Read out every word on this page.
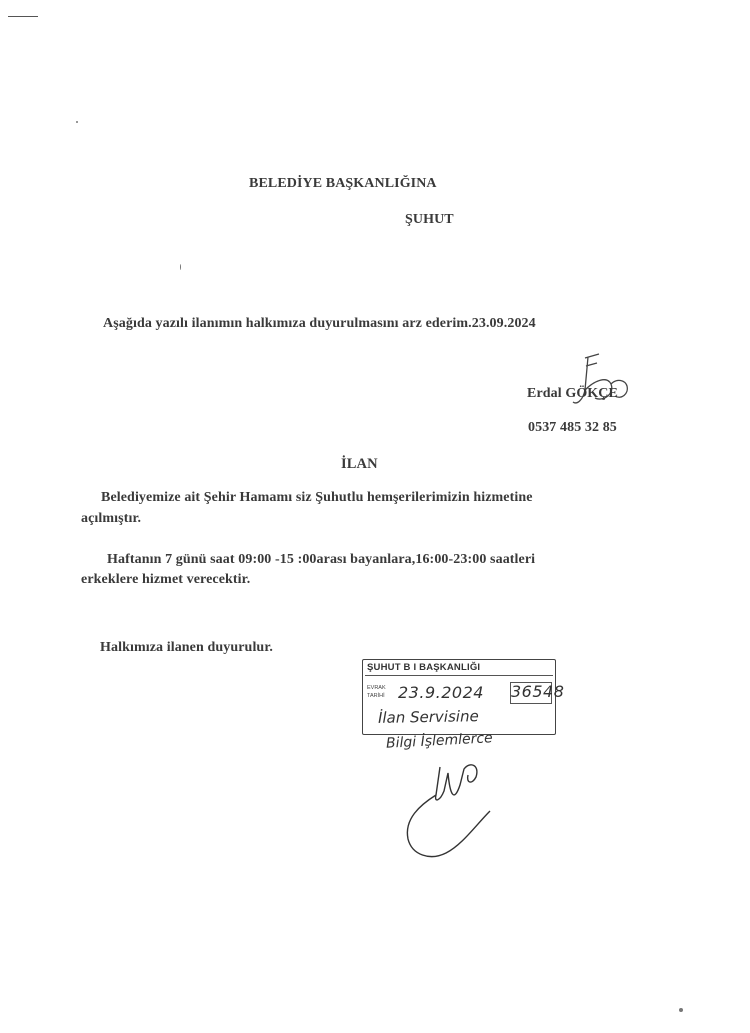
BELEDİYE BAŞKANLIĞINA
ŞUHUT
Aşağıda yazılı ilanımın halkımıza duyurulmasını arz ederim.23.09.2024
Erdal GÖKÇE
0537 485 32 85
İLAN
Belediyemize ait Şehir Hamamı siz Şuhutlu hemşerilerimizin hizmetine
açılmıştır.
Haftanın 7 günü saat 09:00 -15 :00arası bayanlara,16:00-23:00 saatleri
erkeklere hizmet verecektir.
Halkımıza ilanen duyurulur.
ŞUHUT B I BAŞKANLIĞI
EVRAK
TARİHİ 23.9.2024 36548
İlan Servisine
Bilgi İşlemlerce
